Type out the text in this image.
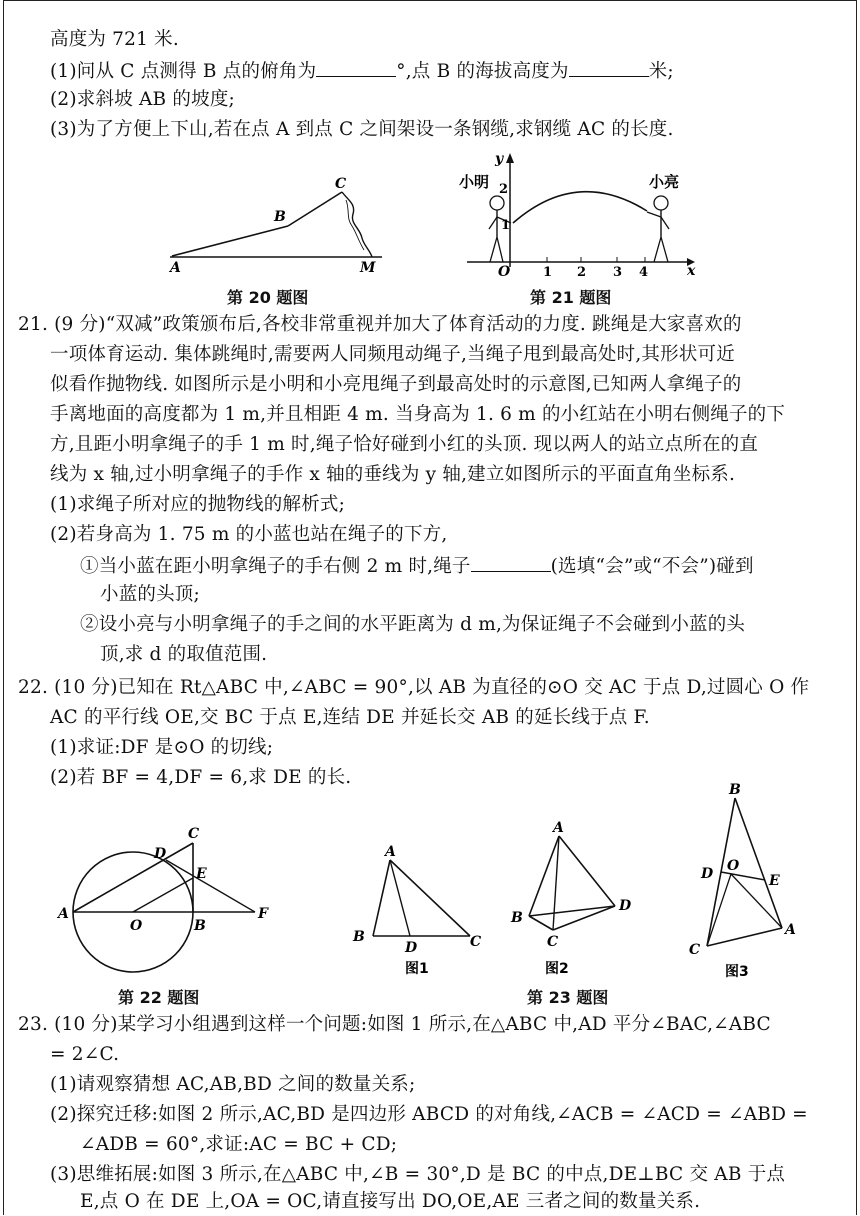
高度为 721 米.
(1)问从 C 点测得 B 点的俯角为	°,点 B 的海拔高度为	米;
(2)求斜坡 AB 的坡度;
(3)为了方便上下山,若在点 A 到点 C 之间架设一条钢缆,求钢缆 AC 的长度.
A
B
C
M
第 20 题图
小明	小亮
y
x
O
2
1
1 2 3 4
第 21 题图
21. (9 分)“双减”政策颁布后,各校非常重视并加大了体育活动的力度. 跳绳是大家喜欢的
一项体育运动. 集体跳绳时,需要两人同频甩动绳子,当绳子甩到最高处时,其形状可近
似看作抛物线. 如图所示是小明和小亮甩绳子到最高处时的示意图,已知两人拿绳子的
手离地面的高度都为 1 m,并且相距 4 m. 当身高为 1. 6 m 的小红站在小明右侧绳子的下
方,且距小明拿绳子的手 1 m 时,绳子恰好碰到小红的头顶. 现以两人的站立点所在的直
线为 x 轴,过小明拿绳子的手作 x 轴的垂线为 y 轴,建立如图所示的平面直角坐标系.
(1)求绳子所对应的抛物线的解析式;
(2)若身高为 1. 75 m 的小蓝也站在绳子的下方,
①当小蓝在距小明拿绳子的手右侧 2 m 时,绳子	(选填“会”或“不会”)碰到
小蓝的头顶;
②设小亮与小明拿绳子的手之间的水平距离为 d m,为保证绳子不会碰到小蓝的头
顶,求 d 的取值范围.
22. (10 分)已知在 Rt△ABC 中,∠ABC = 90°,以 AB 为直径的⊙O 交 AC 于点 D,过圆心 O 作
AC 的平行线 OE,交 BC 于点 E,连结 DE 并延长交 AB 的延长线于点 F.
(1)求证:DF 是⊙O 的切线;
(2)若 BF = 4,DF = 6,求 DE 的长.
A
C
D
E
F
O	B
第 22 题图
A
B
D	C
图1
A
B
C
D
图2
B
D O
E
A
C
图3
第 23 题图
23. (10 分)某学习小组遇到这样一个问题:如图 1 所示,在△ABC 中,AD 平分∠BAC,∠ABC
= 2∠C.
(1)请观察猜想 AC,AB,BD 之间的数量关系;
(2)探究迁移:如图 2 所示,AC,BD 是四边形 ABCD 的对角线,∠ACB = ∠ACD = ∠ABD =
∠ADB = 60°,求证:AC = BC + CD;
(3)思维拓展:如图 3 所示,在△ABC 中,∠B = 30°,D 是 BC 的中点,DE⊥BC 交 AB 于点
E,点 O 在 DE 上,OA = OC,请直接写出 DO,OE,AE 三者之间的数量关系.
